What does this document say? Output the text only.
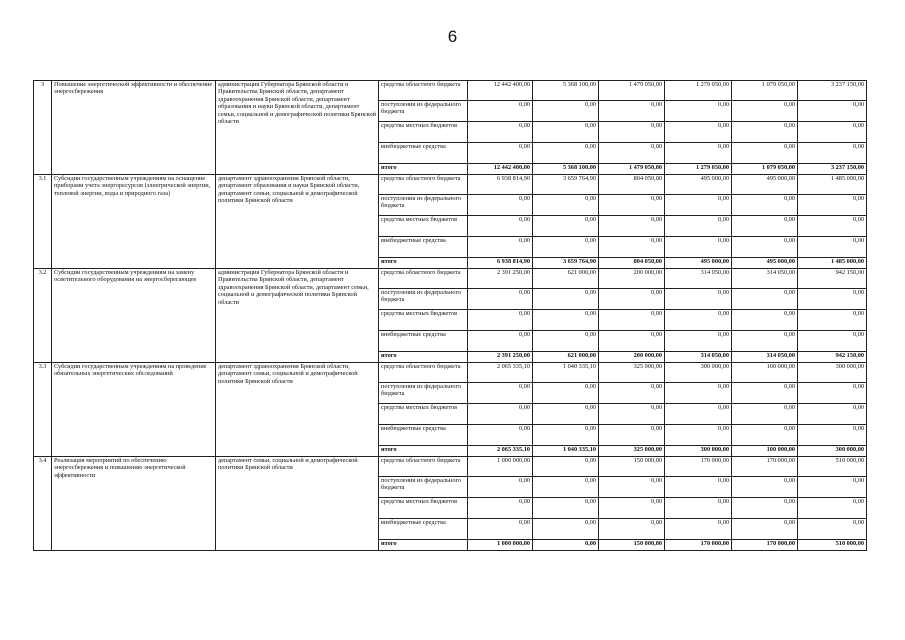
6
3	Повышение энергетической эффективности и обеспечение энергосбережения	администрация Губернатора Брянской области и Правительства Брянской области, департамент здравоохранения Брянской области, департамент образования и науки Брянской области, департамент семьи, социальной и демографической политики Брянской области	средства областного бюджета	12 442 400,00	5 368 100,00	1 479 050,00	1 279 050,00	1 079 050,00	3 237 150,00
			поступления из федерального бюджета	0,00	0,00	0,00	0,00	0,00	0,00
			средства местных бюджетов	0,00	0,00	0,00	0,00	0,00	0,00
			внебюджетные средства	0,00	0,00	0,00	0,00	0,00	0,00
			итого	12 442 400,00	5 368 100,00	1 479 050,00	1 279 050,00	1 079 050,00	3 237 150,00
3.1	Субсидии государственным учреждениям на оснащение приборами учета энергоресурсов (электрической энергии, тепловой энергии, воды и природного газа)	департамент здравоохранения Брянской области, департамент образования и науки Брянской области, департамент семьи, социальной и демографической политики Брянской области	средства областного бюджета	6 938 814,90	3 659 764,90	804 050,00	495 000,00	495 000,00	1 485 000,00
			поступления из федерального бюджета	0,00	0,00	0,00	0,00	0,00	0,00
			средства местных бюджетов	0,00	0,00	0,00	0,00	0,00	0,00
			внебюджетные средства	0,00	0,00	0,00	0,00	0,00	0,00
			итого	6 938 814,90	3 659 764,90	804 050,00	495 000,00	495 000,00	1 485 000,00
3.2	Субсидии государственным учреждениям на замену осветительного оборудования на энергосберегающее	администрация Губернатора Брянской области и Правительства Брянской области, департамент здравоохранения Брянской области, департамент семьи, социальной и демографической политики Брянской области	средства областного бюджета	2 391 250,00	621 000,00	200 000,00	314 050,00	314 050,00	942 150,00
			поступления из федерального бюджета	0,00	0,00	0,00	0,00	0,00	0,00
			средства местных бюджетов	0,00	0,00	0,00	0,00	0,00	0,00
			внебюджетные средства	0,00	0,00	0,00	0,00	0,00	0,00
			итого	2 391 250,00	621 000,00	200 000,00	314 050,00	314 050,00	942 150,00
3.3	Субсидии государственным учреждениям на проведение обязательных энергетических обследований	департамент здравоохранения Брянской области, департамент семьи, социальной и демографической политики Брянской области	средства областного бюджета	2 065 335,10	1 040 335,10	325 000,00	300 000,00	100 000,00	300 000,00
			поступления из федерального бюджета	0,00	0,00	0,00	0,00	0,00	0,00
			средства местных бюджетов	0,00	0,00	0,00	0,00	0,00	0,00
			внебюджетные средства	0,00	0,00	0,00	0,00	0,00	0,00
			итого	2 065 335,10	1 040 335,10	325 000,00	300 000,00	100 000,00	300 000,00
3.4	Реализация мероприятий по обеспечению энергосбережения и повышению энергетической эффективности	департамент семьи, социальной и демографической политики Брянской области	средства областного бюджета	1 000 000,00	0,00	150 000,00	170 000,00	170 000,00	510 000,00
			поступления из федерального бюджета	0,00	0,00	0,00	0,00	0,00	0,00
			средства местных бюджетов	0,00	0,00	0,00	0,00	0,00	0,00
			внебюджетные средства	0,00	0,00	0,00	0,00	0,00	0,00
			итого	1 000 000,00	0,00	150 000,00	170 000,00	170 000,00	510 000,00
